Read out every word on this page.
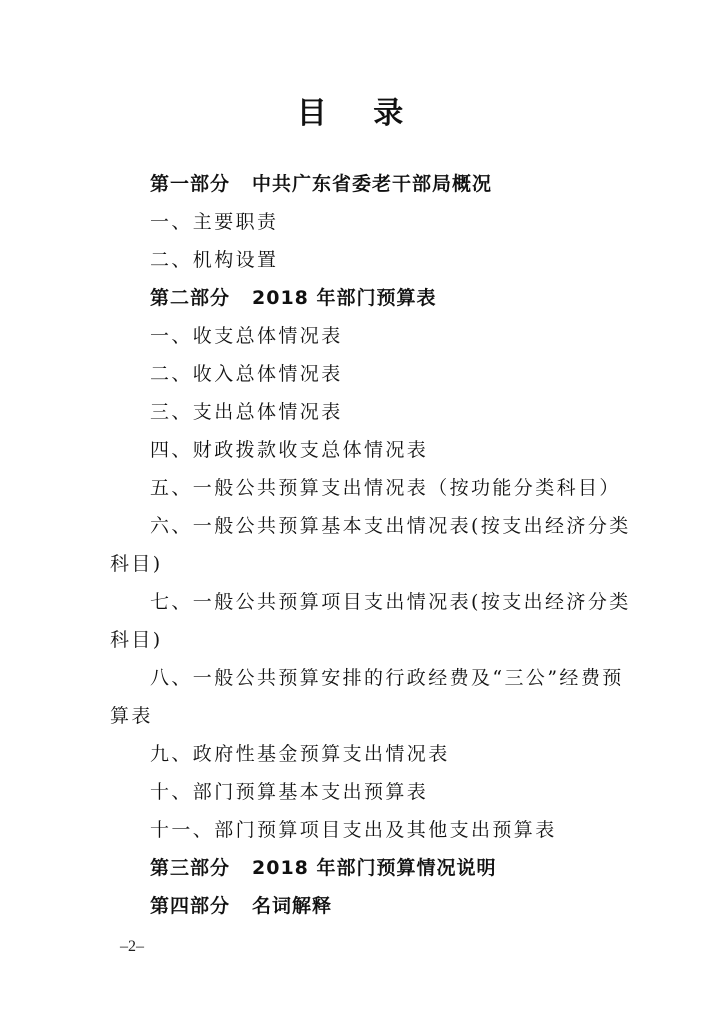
目 录
第一部分 中共广东省委老干部局概况
一、主要职责
二、机构设置
第二部分 2018 年部门预算表
一、收支总体情况表
二、收入总体情况表
三、支出总体情况表
四、财政拨款收支总体情况表
五、一般公共预算支出情况表（按功能分类科目）
六、一般公共预算基本支出情况表(按支出经济分类
科目)
七、一般公共预算项目支出情况表(按支出经济分类
科目)
八、一般公共预算安排的行政经费及“三公”经费预
算表
九、政府性基金预算支出情况表
十、部门预算基本支出预算表
十一、部门预算项目支出及其他支出预算表
第三部分 2018 年部门预算情况说明
第四部分 名词解释
–2–
